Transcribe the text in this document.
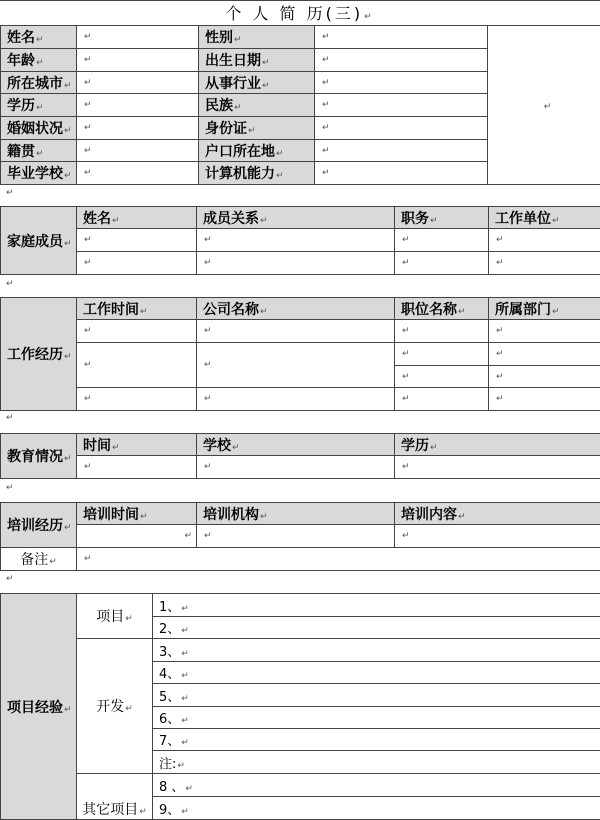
个 人 简 历(三) ↵
姓名 ↵	↵	性别 ↵	↵	↵
年龄 ↵	↵	出生日期 ↵	↵
所在城市 ↵	↵	从事行业 ↵	↵
学历 ↵	↵	民族 ↵	↵
婚姻状况 ↵	↵	身份证 ↵	↵
籍贯 ↵	↵	户口所在地 ↵	↵
毕业学校 ↵	↵	计算机能力 ↵	↵
↵
家庭成员 ↵	姓名 ↵	成员关系 ↵	职务 ↵	工作单位 ↵
↵	↵	↵	↵
↵	↵	↵	↵
↵
工作经历 ↵	工作时间 ↵	公司名称 ↵	职位名称 ↵	所属部门 ↵
↵	↵	↵	↵
↵	↵	↵	↵
↵	↵
↵	↵	↵	↵
↵
教育情况 ↵	时间 ↵	学校 ↵	学历 ↵
↵	↵	↵
↵
培训经历 ↵	培训时间 ↵	培训机构 ↵	培训内容 ↵
↵	↵	↵
备注 ↵	↵
↵
项目经验 ↵	项目 ↵	1、 ↵
		2、 ↵
	开发 ↵	3、 ↵
		4、 ↵
		5、 ↵
		6、 ↵
		7、 ↵
		注: ↵
	其它项目 ↵	8 、 ↵
		9、 ↵
